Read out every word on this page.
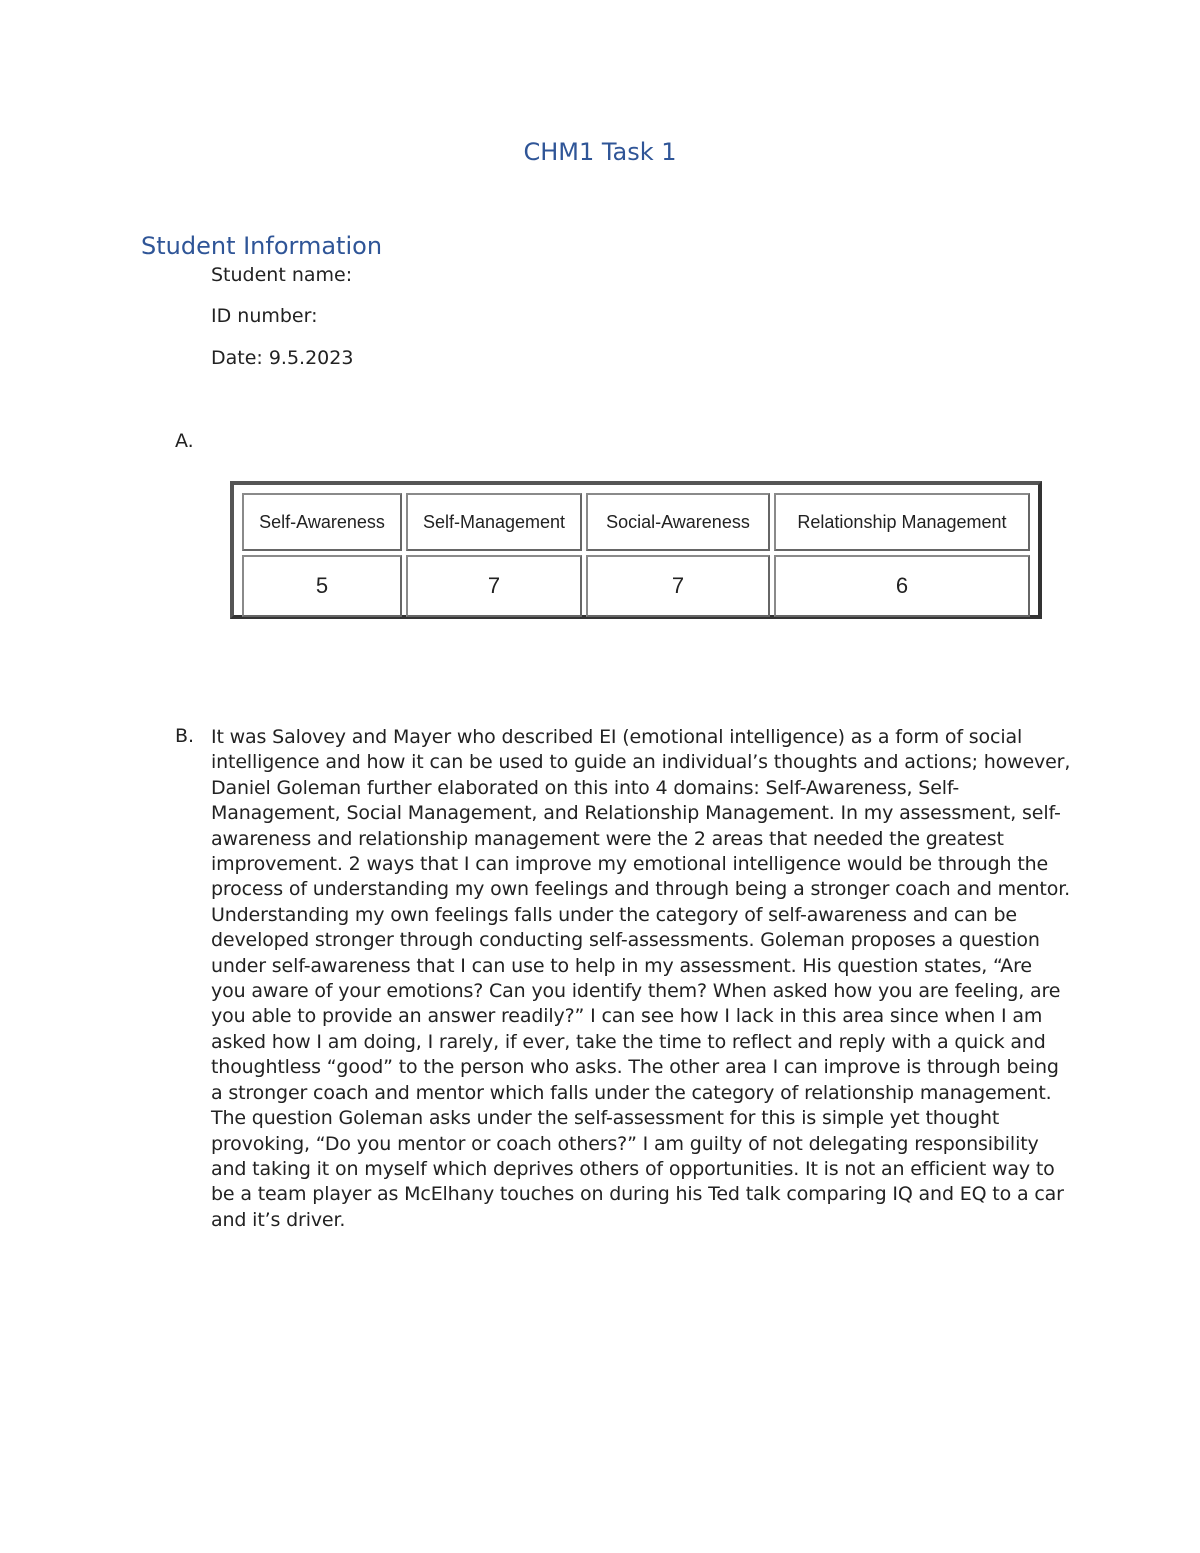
CHM1 Task 1
Student Information
Student name:
ID number:
Date: 9.5.2023
A.
Self-Awareness	Self-Management	Social-Awareness	Relationship Management
5	7	7	6
B. It was Salovey and Mayer who described EI (emotional intelligence) as a form of social intelligence and how it can be used to guide an individual’s thoughts and actions; however, Daniel Goleman further elaborated on this into 4 domains: Self-Awareness, Self-Management, Social Management, and Relationship Management. In my assessment, self-awareness and relationship management were the 2 areas that needed the greatest improvement. 2 ways that I can improve my emotional intelligence would be through the process of understanding my own feelings and through being a stronger coach and mentor. Understanding my own feelings falls under the category of self-awareness and can be developed stronger through conducting self-assessments. Goleman proposes a question under self-awareness that I can use to help in my assessment. His question states, “Are you aware of your emotions? Can you identify them? When asked how you are feeling, are you able to provide an answer readily?” I can see how I lack in this area since when I am asked how I am doing, I rarely, if ever, take the time to reflect and reply with a quick and thoughtless “good” to the person who asks. The other area I can improve is through being a stronger coach and mentor which falls under the category of relationship management. The question Goleman asks under the self-assessment for this is simple yet thought provoking, “Do you mentor or coach others?” I am guilty of not delegating responsibility and taking it on myself which deprives others of opportunities. It is not an efficient way to be a team player as McElhany touches on during his Ted talk comparing IQ and EQ to a car and it’s driver.
